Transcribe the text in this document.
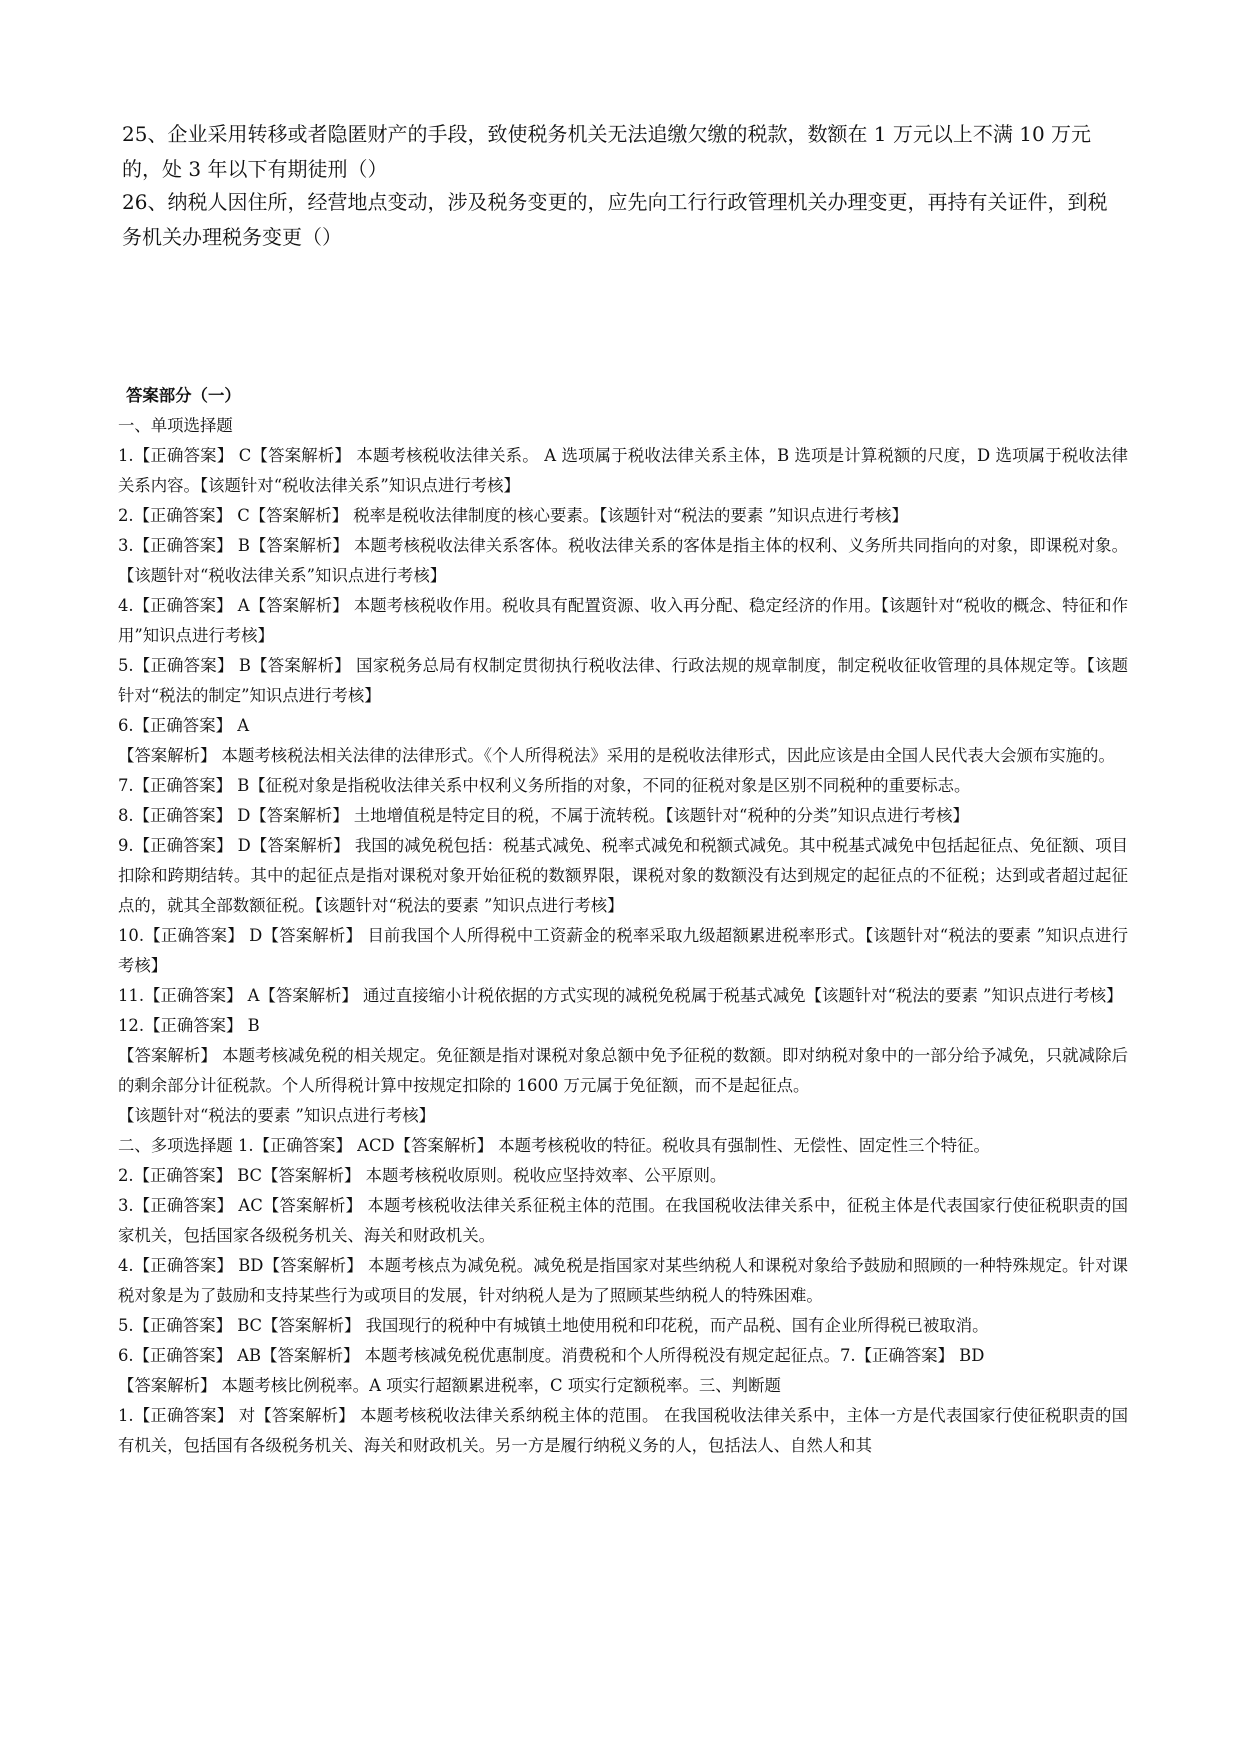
25、企业采用转移或者隐匿财产的手段，致使税务机关无法追缴欠缴的税款，数额在 1 万元以上不满 10 万元的，处 3 年以下有期徒刑（）

26、纳税人因住所，经营地点变动，涉及税务变更的，应先向工行行政管理机关办理变更，再持有关证件，到税务机关办理税务变更（）

答案部分（一）

一、单项选择题

1.【正确答案】 C【答案解析】 本题考核税收法律关系。 A 选项属于税收法律关系主体，B 选项是计算税额的尺度，D 选项属于税收法律关系内容。【该题针对“税收法律关系”知识点进行考核】

2.【正确答案】 C【答案解析】 税率是税收法律制度的核心要素。【该题针对“税法的要素 ”知识点进行考核】

3.【正确答案】 B【答案解析】 本题考核税收法律关系客体。税收法律关系的客体是指主体的权利、义务所共同指向的对象，即课税对象。【该题针对“税收法律关系”知识点进行考核】

4.【正确答案】 A【答案解析】 本题考核税收作用。税收具有配置资源、收入再分配、稳定经济的作用。【该题针对“税收的概念、特征和作用”知识点进行考核】

5.【正确答案】 B【答案解析】 国家税务总局有权制定贯彻执行税收法律、行政法规的规章制度，制定税收征收管理的具体规定等。【该题针对“税法的制定”知识点进行考核】

6.【正确答案】 A

【答案解析】 本题考核税法相关法律的法律形式。《个人所得税法》采用的是税收法律形式，因此应该是由全国人民代表大会颁布实施的。

7.【正确答案】 B【征税对象是指税收法律关系中权利义务所指的对象，不同的征税对象是区别不同税种的重要标志。

8.【正确答案】 D【答案解析】 土地增值税是特定目的税，不属于流转税。【该题针对“税种的分类”知识点进行考核】

9.【正确答案】 D【答案解析】 我国的减免税包括：税基式减免、税率式减免和税额式减免。其中税基式减免中包括起征点、免征额、项目扣除和跨期结转。其中的起征点是指对课税对象开始征税的数额界限，课税对象的数额没有达到规定的起征点的不征税；达到或者超过起征点的，就其全部数额征税。【该题针对“税法的要素 ”知识点进行考核】

10.【正确答案】 D【答案解析】 目前我国个人所得税中工资薪金的税率采取九级超额累进税率形式。【该题针对“税法的要素 ”知识点进行考核】

11.【正确答案】 A【答案解析】 通过直接缩小计税依据的方式实现的减税免税属于税基式减免【该题针对“税法的要素 ”知识点进行考核】

12.【正确答案】 B

【答案解析】 本题考核减免税的相关规定。免征额是指对课税对象总额中免予征税的数额。即对纳税对象中的一部分给予减免，只就减除后的剩余部分计征税款。个人所得税计算中按规定扣除的 1600 万元属于免征额，而不是起征点。

【该题针对“税法的要素 ”知识点进行考核】

二、多项选择题 1.【正确答案】 ACD【答案解析】 本题考核税收的特征。税收具有强制性、无偿性、固定性三个特征。

2.【正确答案】 BC【答案解析】 本题考核税收原则。税收应坚持效率、公平原则。

3.【正确答案】 AC【答案解析】 本题考核税收法律关系征税主体的范围。在我国税收法律关系中，征税主体是代表国家行使征税职责的国家机关，包括国家各级税务机关、海关和财政机关。

4.【正确答案】 BD【答案解析】 本题考核点为减免税。减免税是指国家对某些纳税人和课税对象给予鼓励和照顾的一种特殊规定。针对课税对象是为了鼓励和支持某些行为或项目的发展，针对纳税人是为了照顾某些纳税人的特殊困难。

5.【正确答案】 BC【答案解析】 我国现行的税种中有城镇土地使用税和印花税，而产品税、国有企业所得税已被取消。

6.【正确答案】 AB【答案解析】 本题考核减免税优惠制度。消费税和个人所得税没有规定起征点。7.【正确答案】 BD

【答案解析】 本题考核比例税率。A 项实行超额累进税率，C 项实行定额税率。三、判断题

1.【正确答案】 对【答案解析】 本题考核税收法律关系纳税主体的范围。 在我国税收法律关系中，主体一方是代表国家行使征税职责的国有机关，包括国有各级税务机关、海关和财政机关。另一方是履行纳税义务的人，包括法人、自然人和其
